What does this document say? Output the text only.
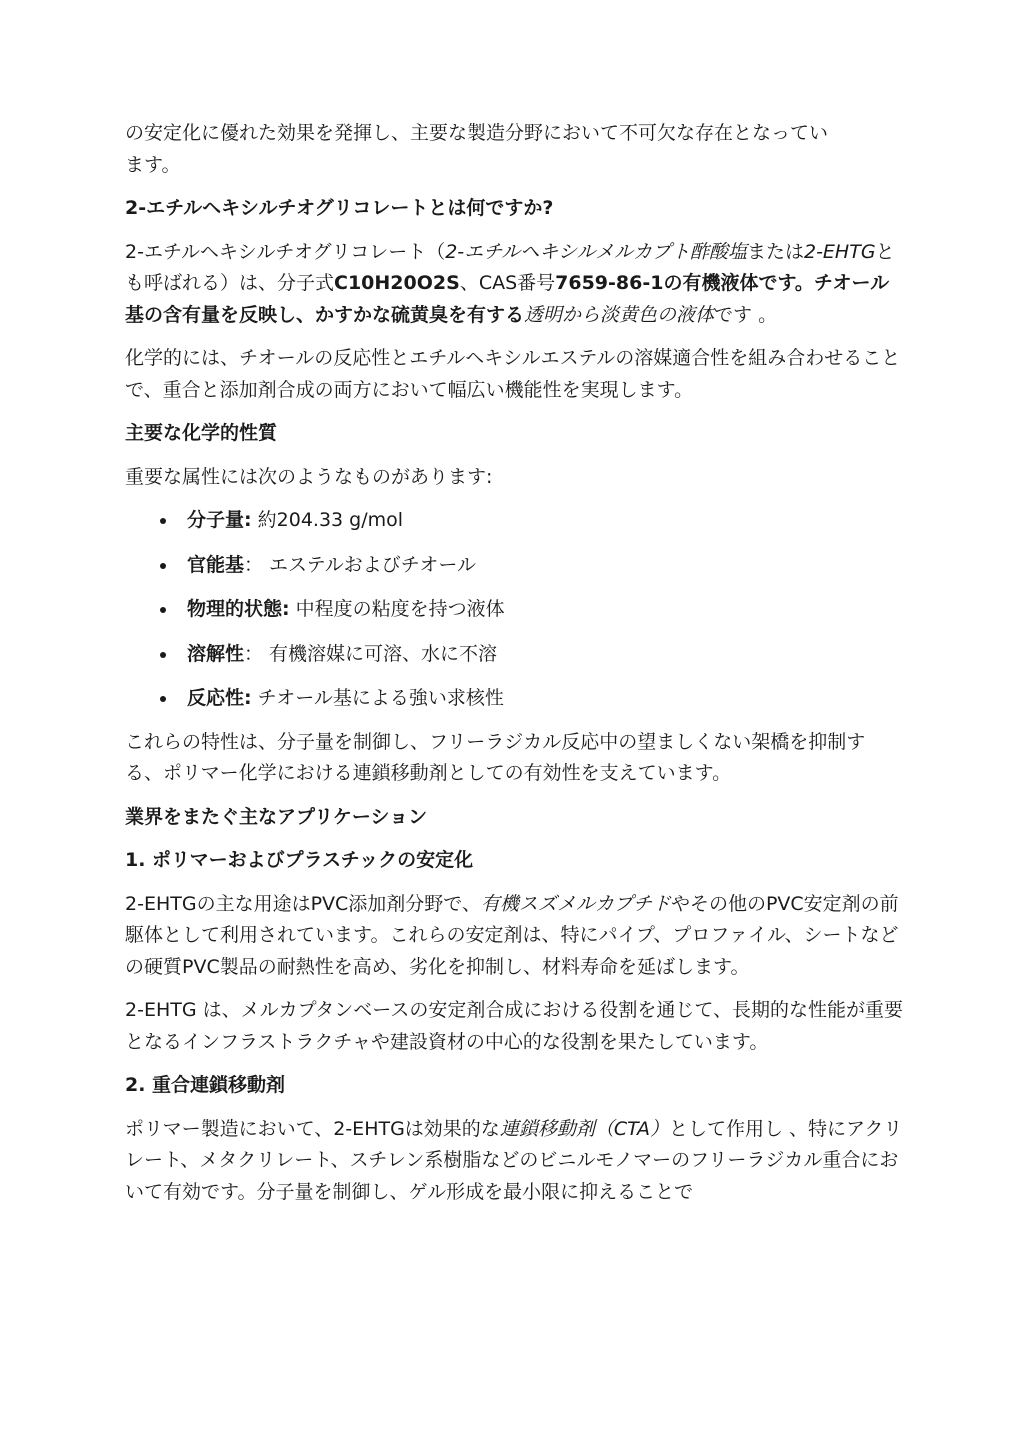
の安定化に優れた効果を発揮し、主要な製造分野において不可欠な存在となってい
ます。

2-エチルヘキシルチオグリコレートとは何ですか?

2-エチルヘキシルチオグリコレート（2-エチルヘキシルメルカプト酢酸塩または2-EHTGとも呼ばれる）は、分子式C10H20O2S、CAS番号7659-86-1の有機液体です。チオール基の含有量を反映し、かすかな硫黄臭を有する透明から淡黄色の液体です 。

化学的には、チオールの反応性とエチルヘキシルエステルの溶媒適合性を組み合わせることで、重合と添加剤合成の両方において幅広い機能性を実現します。

主要な化学的性質

重要な属性には次のようなものがあります:

分子量: 約204.33 g/mol
官能基： エステルおよびチオール
物理的状態: 中程度の粘度を持つ液体
溶解性： 有機溶媒に可溶、水に不溶
反応性: チオール基による強い求核性

これらの特性は、分子量を制御し、フリーラジカル反応中の望ましくない架橋を抑制する、ポリマー化学における連鎖移動剤としての有効性を支えています。

業界をまたぐ主なアプリケーション

1. ポリマーおよびプラスチックの安定化

2-EHTGの主な用途はPVC添加剤分野で、有機スズメルカプチドやその他のPVC安定剤の前駆体として利用されています。これらの安定剤は、特にパイプ、プロファイル、シートなどの硬質PVC製品の耐熱性を高め、劣化を抑制し、材料寿命を延ばします。

2-EHTG は、メルカプタンベースの安定剤合成における役割を通じて、長期的な性能が重要となるインフラストラクチャや建設資材の中心的な役割を果たしています。

2. 重合連鎖移動剤

ポリマー製造において、2-EHTGは効果的な連鎖移動剤（CTA）として作用し 、特にアクリレート、メタクリレート、スチレン系樹脂などのビニルモノマーのフリーラジカル重合において有効です。分子量を制御し、ゲル形成を最小限に抑えることで
